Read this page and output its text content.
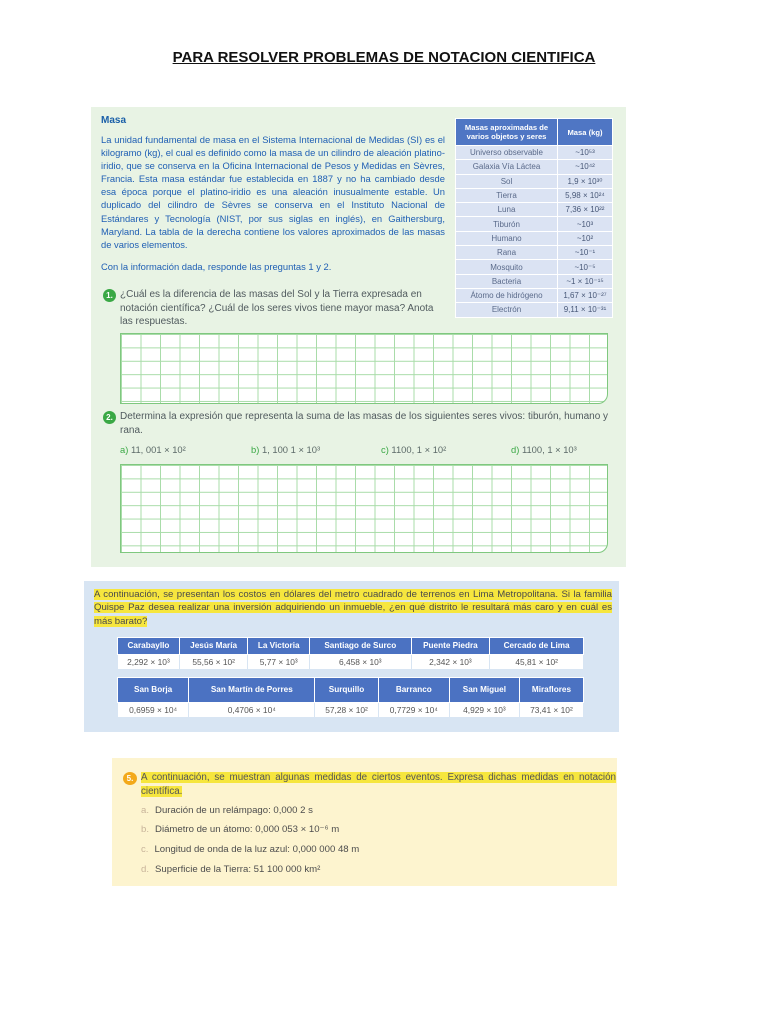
PARA RESOLVER PROBLEMAS DE NOTACION CIENTIFICA
Masa
La unidad fundamental de masa en el Sistema Internacional de Medidas (SI) es el kilogramo (kg), el cual es definido como la masa de un cilindro de aleación platino-iridio, que se conserva en la Oficina Internacional de Pesos y Medidas en Sèvres, Francia. Esta masa estándar fue establecida en 1887 y no ha cambiado desde esa época porque el platino-iridio es una aleación inusualmente estable. Un duplicado del cilindro de Sèvres se conserva en el Instituto Nacional de Estándares y Tecnología (NIST, por sus siglas en inglés), en Gaithersburg, Maryland. La tabla de la derecha contiene los valores aproximados de las masas de varios elementos.
Con la información dada, responde las preguntas 1 y 2.
Masas aproximadas de varios objetos y seres	Masa (kg)
Universo observable	~10⁵³
Galaxia Vía Láctea	~10⁴²
Sol	1,9 × 10³⁰
Tierra	5,98 × 10²⁴
Luna	7,36 × 10²²
Tiburón	~10³
Humano	~10²
Rana	~10⁻¹
Mosquito	~10⁻⁵
Bacteria	~1 × 10⁻¹⁵
Átomo de hidrógeno	1,67 × 10⁻²⁷
Electrón	9,11 × 10⁻³¹
1. ¿Cuál es la diferencia de las masas del Sol y la Tierra expresada en notación científica? ¿Cuál de los seres vivos tiene mayor masa? Anota las respuestas.
2. Determina la expresión que representa la suma de las masas de los siguientes seres vivos: tiburón, humano y rana.
a) 11, 001 × 10²	b) 1, 100 1 × 10³	c) 1100, 1 × 10²	d) 1100, 1 × 10³
A continuación, se presentan los costos en dólares del metro cuadrado de terrenos en Lima Metropolitana. Si la familia Quispe Paz desea realizar una inversión adquiriendo un inmueble, ¿en qué distrito le resultará más caro y en cuál es más barato?
Carabayllo	Jesús María	La Victoria	Santiago de Surco	Puente Piedra	Cercado de Lima
2,292 × 10³	55,56 × 10²	5,77 × 10³	6,458 × 10³	2,342 × 10³	45,81 × 10²
San Borja	San Martín de Porres	Surquillo	Barranco	San Miguel	Miraflores
0,6959 × 10⁴	0,4706 × 10⁴	57,28 × 10²	0,7729 × 10⁴	4,929 × 10³	73,41 × 10²
5. A continuación, se muestran algunas medidas de ciertos eventos. Expresa dichas medidas en notación científica.
a. Duración de un relámpago: 0,000 2 s
b. Diámetro de un átomo: 0,000 053 × 10⁻⁶ m
c. Longitud de onda de la luz azul: 0,000 000 48 m
d. Superficie de la Tierra: 51 100 000 km²
